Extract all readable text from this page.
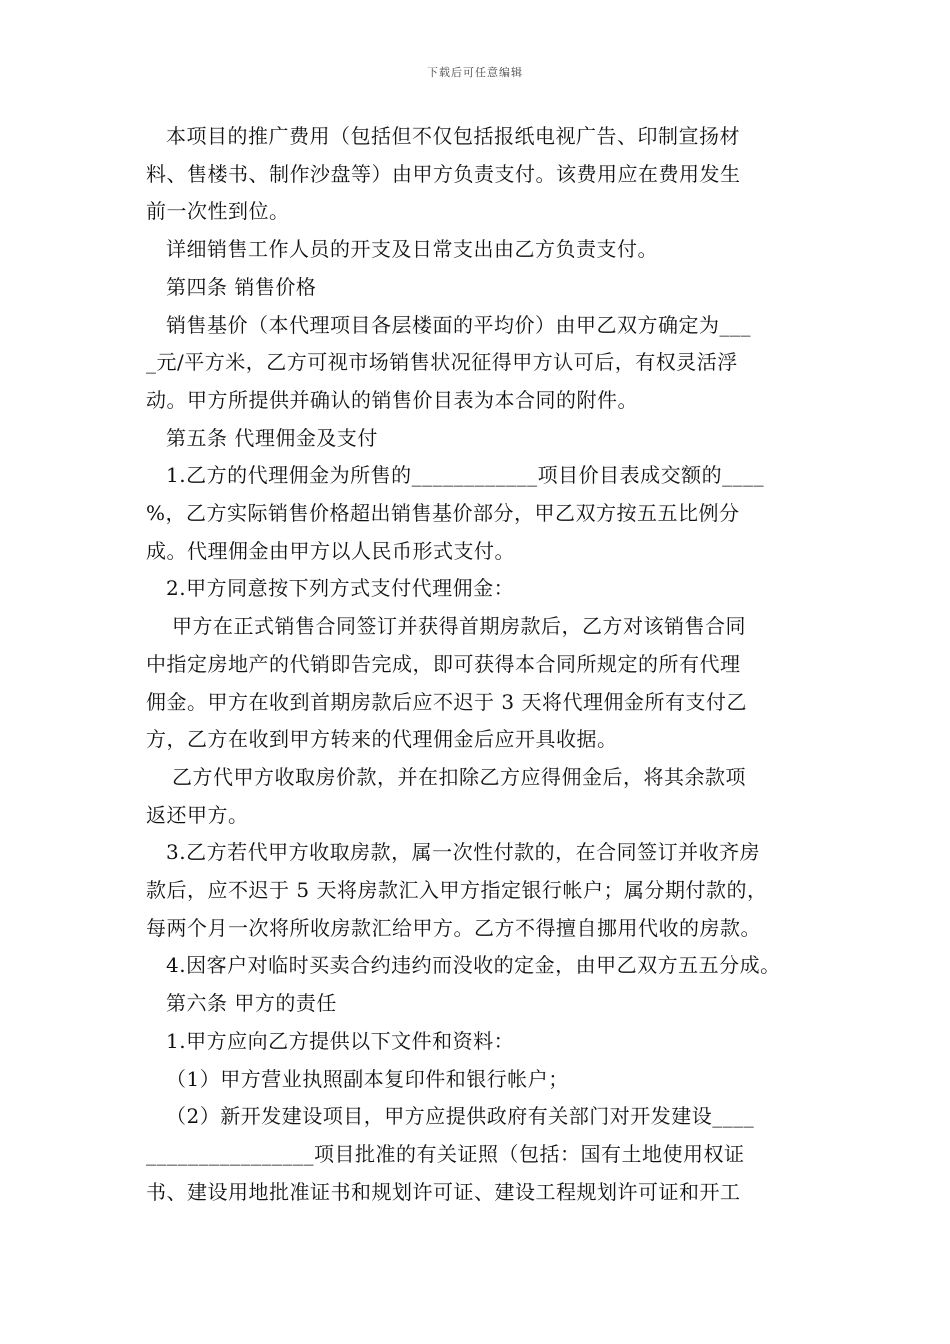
下载后可任意编辑

本项目的推广费用（包括但不仅包括报纸电视广告、印制宣扬材

料、售楼书、制作沙盘等）由甲方负责支付。该费用应在费用发生

前一次性到位。

详细销售工作人员的开支及日常支出由乙方负责支付。

第四条 销售价格

销售基价（本代理项目各层楼面的平均价）由甲乙双方确定为___

_元/平方米，乙方可视市场销售状况征得甲方认可后，有权灵活浮

动。甲方所提供并确认的销售价目表为本合同的附件。

第五条 代理佣金及支付

1.乙方的代理佣金为所售的____________项目价目表成交额的____

%，乙方实际销售价格超出销售基价部分，甲乙双方按五五比例分

成。代理佣金由甲方以人民币形式支付。

2.甲方同意按下列方式支付代理佣金：

甲方在正式销售合同签订并获得首期房款后，乙方对该销售合同

中指定房地产的代销即告完成，即可获得本合同所规定的所有代理

佣金。甲方在收到首期房款后应不迟于 3 天将代理佣金所有支付乙

方，乙方在收到甲方转来的代理佣金后应开具收据。

乙方代甲方收取房价款，并在扣除乙方应得佣金后，将其余款项

返还甲方。

3.乙方若代甲方收取房款，属一次性付款的，在合同签订并收齐房

款后，应不迟于 5 天将房款汇入甲方指定银行帐户；属分期付款的，

每两个月一次将所收房款汇给甲方。乙方不得擅自挪用代收的房款。

4.因客户对临时买卖合约违约而没收的定金，由甲乙双方五五分成。

第六条 甲方的责任

1.甲方应向乙方提供以下文件和资料：

（1）甲方营业执照副本复印件和银行帐户；

（2）新开发建设项目，甲方应提供政府有关部门对开发建设____

________________项目批准的有关证照（包括：国有土地使用权证

书、建设用地批准证书和规划许可证、建设工程规划许可证和开工
